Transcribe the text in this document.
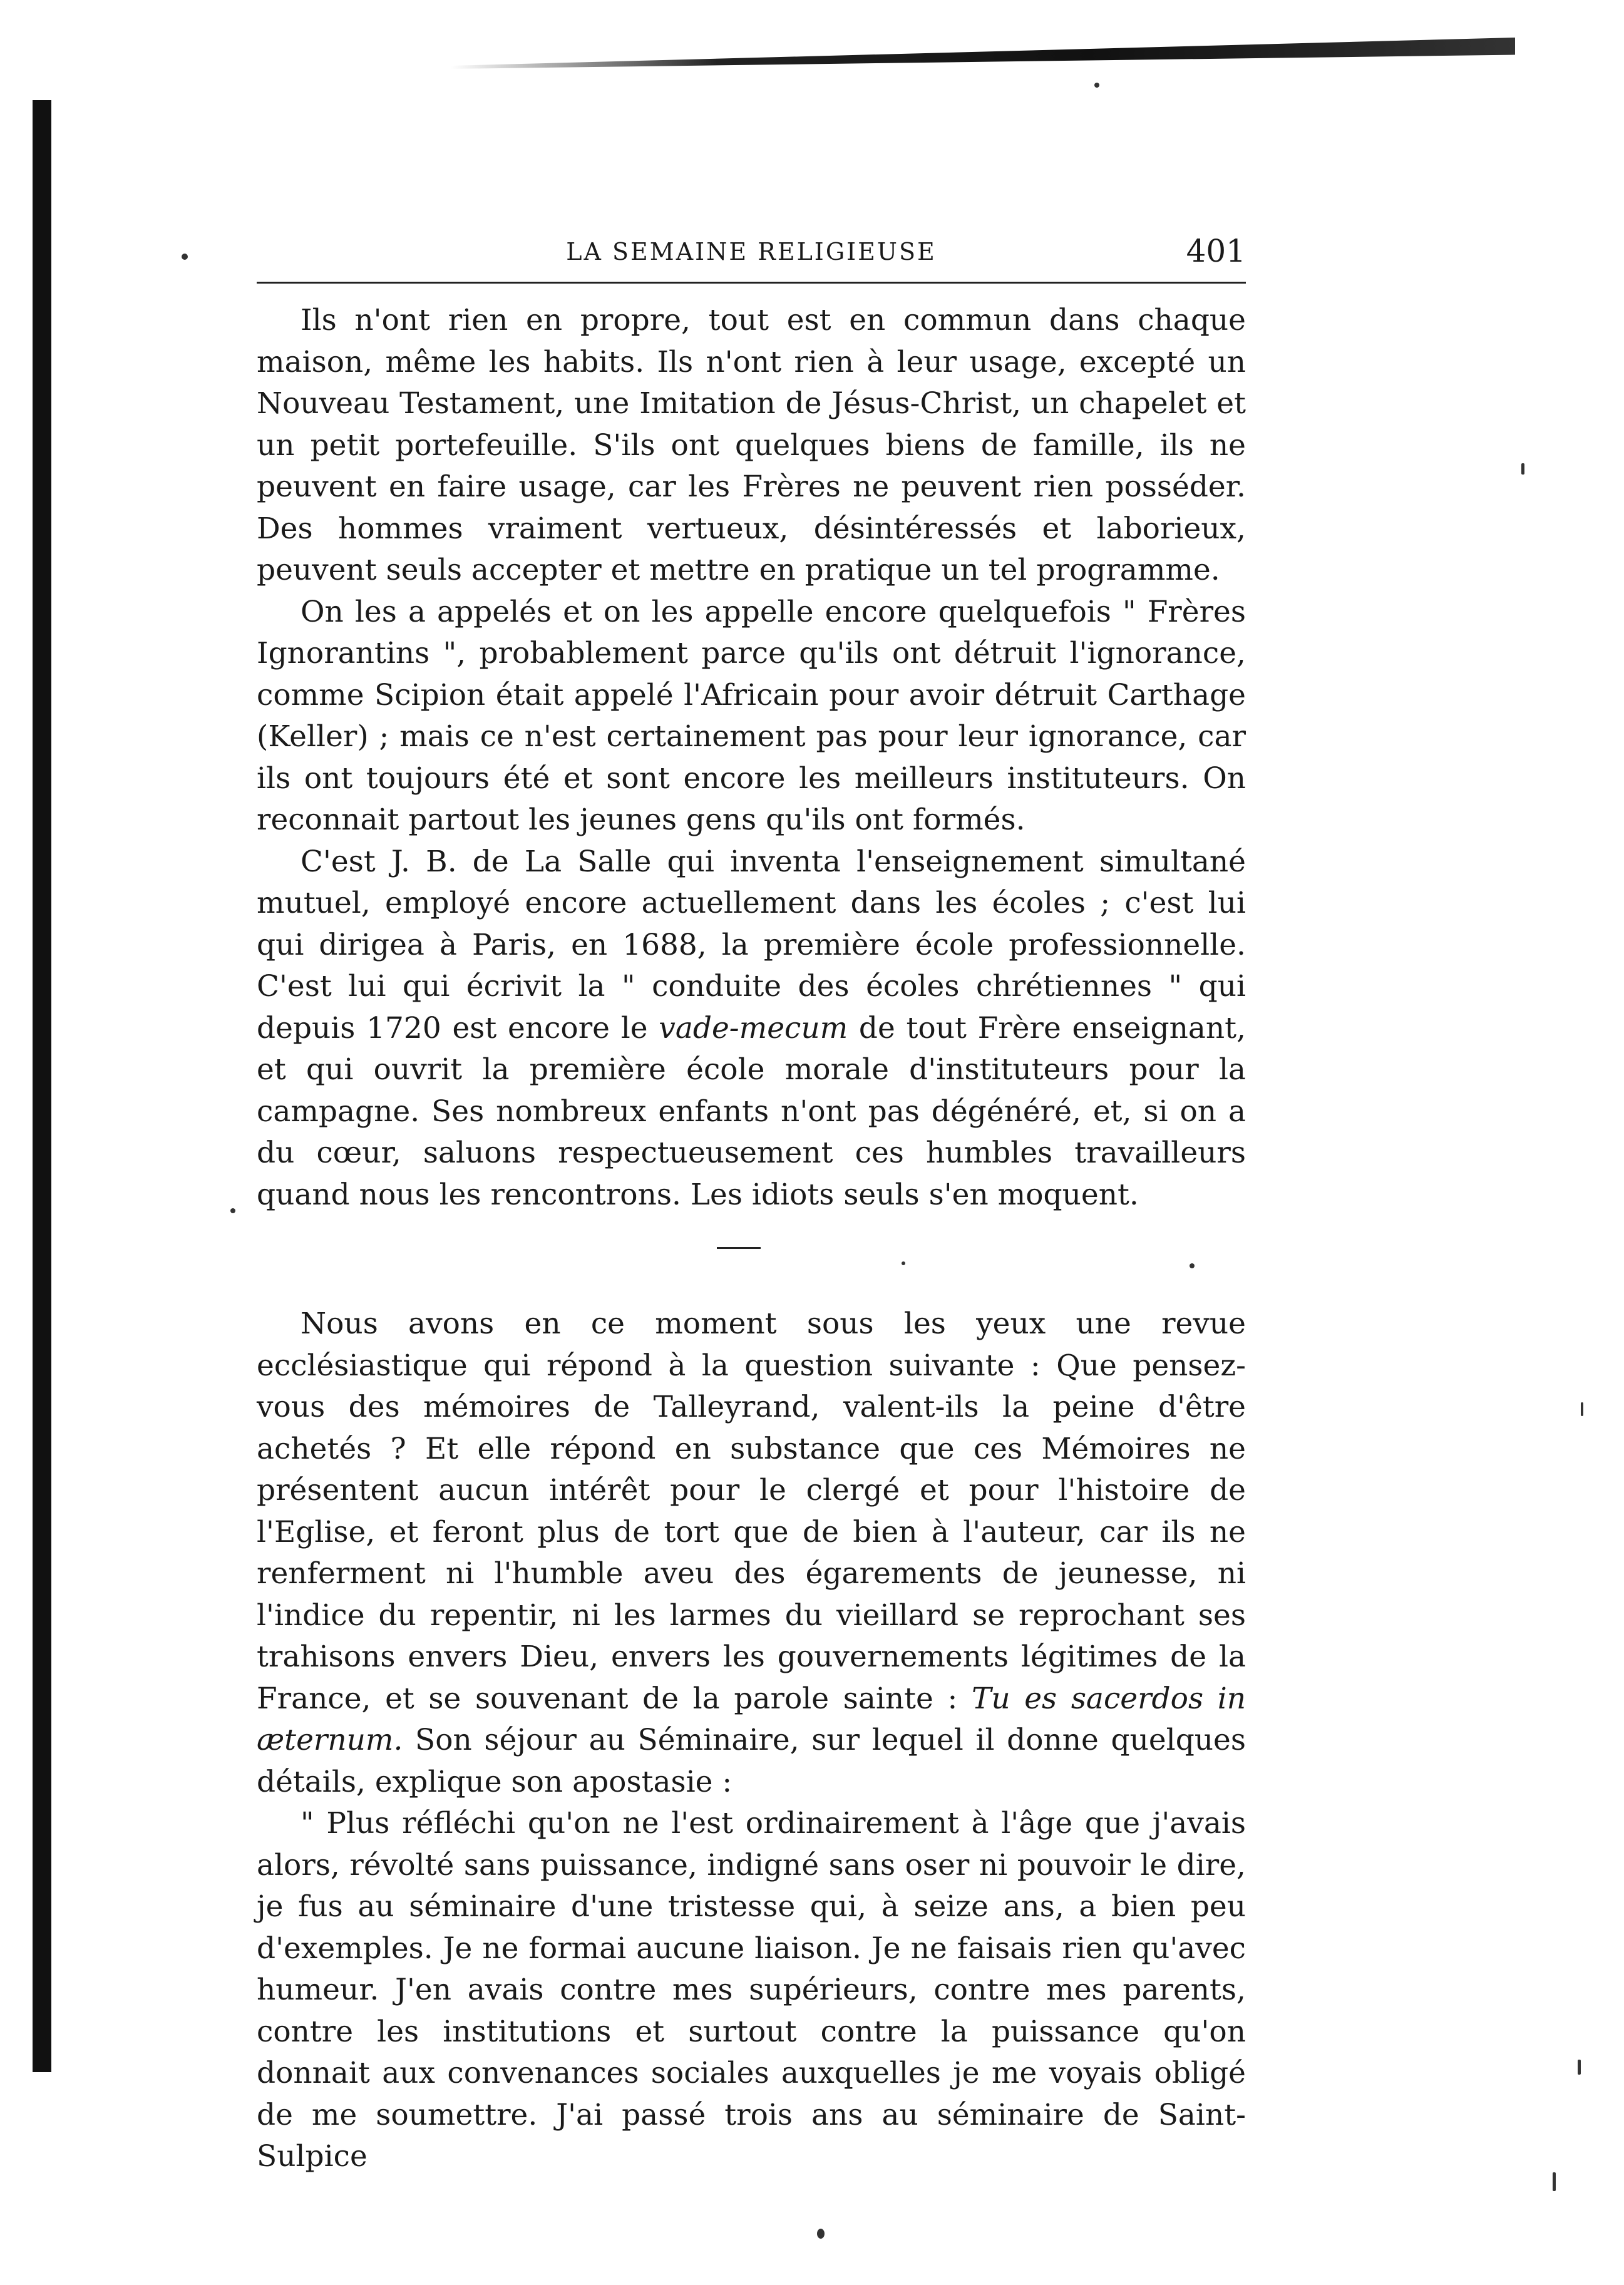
LA SEMAINE RELIGIEUSE	401

Ils n'ont rien en propre, tout est en commun dans chaque maison, même les habits. Ils n'ont rien à leur usage, excepté un Nouveau Testament, une Imitation de Jésus-Christ, un chapelet et un petit portefeuille. S'ils ont quelques biens de famille, ils ne peuvent en faire usage, car les Frères ne peuvent rien posséder. Des hommes vraiment vertueux, désintéressés et laborieux, peuvent seuls accepter et mettre en pratique un tel programme.

On les a appelés et on les appelle encore quelquefois " Frères Ignorantins ", probablement parce qu'ils ont détruit l'ignorance, comme Scipion était appelé l'Africain pour avoir détruit Carthage (Keller) ; mais ce n'est certainement pas pour leur ignorance, car ils ont toujours été et sont encore les meilleurs instituteurs. On reconnait partout les jeunes gens qu'ils ont formés.

C'est J. B. de La Salle qui inventa l'enseignement simultané mutuel, employé encore actuellement dans les écoles ; c'est lui qui dirigea à Paris, en 1688, la première école professionnelle. C'est lui qui écrivit la " conduite des écoles chrétiennes " qui depuis 1720 est encore le vade-mecum de tout Frère enseignant, et qui ouvrit la première école morale d'instituteurs pour la campagne. Ses nombreux enfants n'ont pas dégénéré, et, si on a du cœur, saluons respectueusement ces humbles travailleurs quand nous les rencontrons. Les idiots seuls s'en moquent.

Nous avons en ce moment sous les yeux une revue ecclésiastique qui répond à la question suivante : Que pensez-vous des mémoires de Talleyrand, valent-ils la peine d'être achetés ? Et elle répond en substance que ces Mémoires ne présentent aucun intérêt pour le clergé et pour l'histoire de l'Eglise, et feront plus de tort que de bien à l'auteur, car ils ne renferment ni l'humble aveu des égarements de jeunesse, ni l'indice du repentir, ni les larmes du vieillard se reprochant ses trahisons envers Dieu, envers les gouvernements légitimes de la France, et se souvenant de la parole sainte : Tu es sacerdos in æternum. Son séjour au Séminaire, sur lequel il donne quelques détails, explique son apostasie :

" Plus réfléchi qu'on ne l'est ordinairement à l'âge que j'avais alors, révolté sans puissance, indigné sans oser ni pouvoir le dire, je fus au séminaire d'une tristesse qui, à seize ans, a bien peu d'exemples. Je ne formai aucune liaison. Je ne faisais rien qu'avec humeur. J'en avais contre mes supérieurs, contre mes parents, contre les institutions et surtout contre la puissance qu'on donnait aux convenances sociales auxquelles je me voyais obligé de me soumettre. J'ai passé trois ans au séminaire de Saint-Sulpice
